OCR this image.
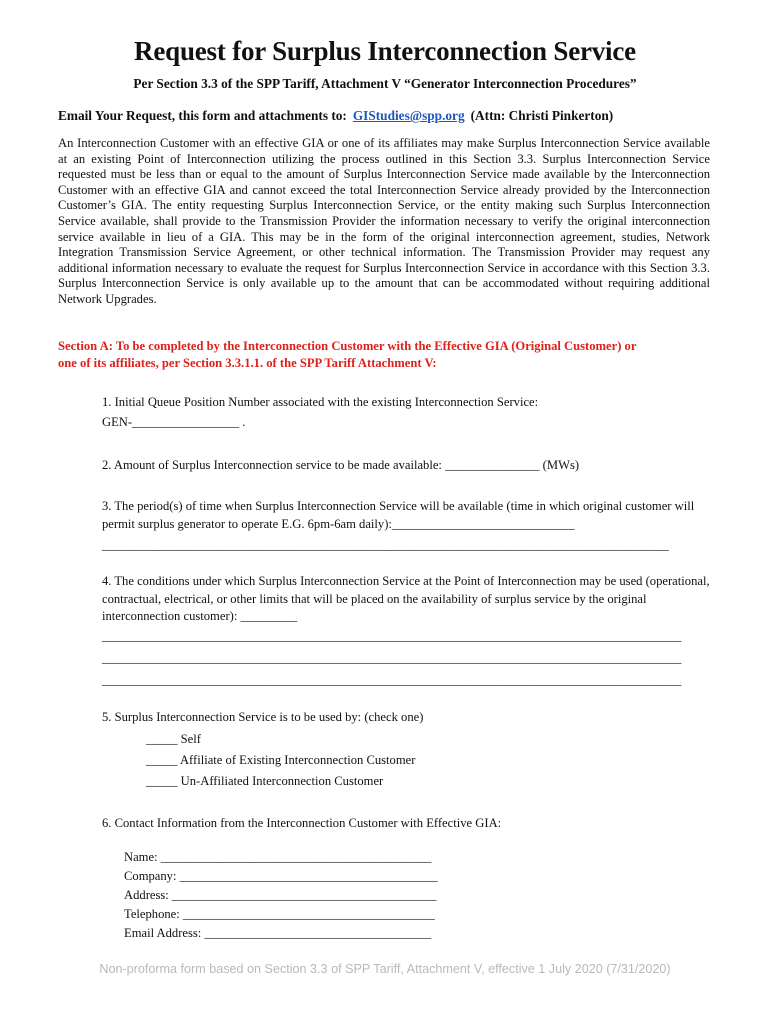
Request for Surplus Interconnection Service
Per Section 3.3 of the SPP Tariff, Attachment V “Generator Interconnection Procedures”
Email Your Request, this form and attachments to: GIStudies@spp.org (Attn: Christi Pinkerton)
An Interconnection Customer with an effective GIA or one of its affiliates may make Surplus Interconnection Service available at an existing Point of Interconnection utilizing the process outlined in this Section 3.3. Surplus Interconnection Service requested must be less than or equal to the amount of Surplus Interconnection Service made available by the Interconnection Customer with an effective GIA and cannot exceed the total Interconnection Service already provided by the Interconnection Customer’s GIA. The entity requesting Surplus Interconnection Service, or the entity making such Surplus Interconnection Service available, shall provide to the Transmission Provider the information necessary to verify the original interconnection service available in lieu of a GIA. This may be in the form of the original interconnection agreement, studies, Network Integration Transmission Service Agreement, or other technical information. The Transmission Provider may request any additional information necessary to evaluate the request for Surplus Interconnection Service in accordance with this Section 3.3. Surplus Interconnection Service is only available up to the amount that can be accommodated without requiring additional Network Upgrades.
Section A: To be completed by the Interconnection Customer with the Effective GIA (Original Customer) or one of its affiliates, per Section 3.3.1.1. of the SPP Tariff Attachment V:
1. Initial Queue Position Number associated with the existing Interconnection Service:
GEN-_________________ .
2. Amount of Surplus Interconnection service to be made available: _______________ (MWs)
3. The period(s) of time when Surplus Interconnection Service will be available (time in which original customer will permit surplus generator to operate E.G. 6pm-6am daily):_____________________________
__________________________________________________________________________________________
4. The conditions under which Surplus Interconnection Service at the Point of Interconnection may be used (operational, contractual, electrical, or other limits that will be placed on the availability of surplus service by the original interconnection customer): _________
____________________________________________________________________________________________
____________________________________________________________________________________________
____________________________________________________________________________________________
5. Surplus Interconnection Service is to be used by: (check one)
_____ Self
_____ Affiliate of Existing Interconnection Customer
_____ Un-Affiliated Interconnection Customer
6. Contact Information from the Interconnection Customer with Effective GIA:
Name: ___________________________________________
Company: _________________________________________
Address: __________________________________________
Telephone: ________________________________________
Email Address: ____________________________________
Non-proforma form based on Section 3.3 of SPP Tariff, Attachment V, effective 1 July 2020 (7/31/2020)
